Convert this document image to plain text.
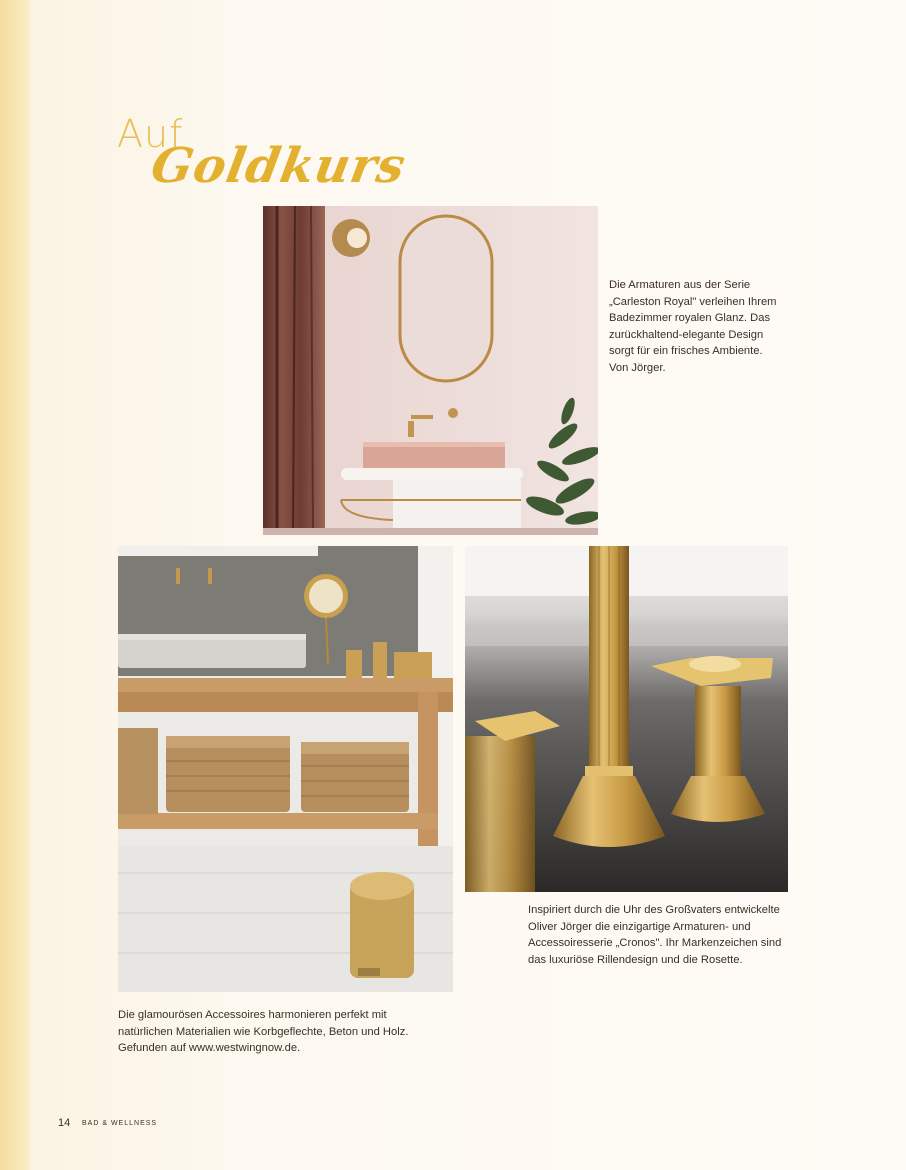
Auf
Goldkurs

Die Armaturen aus der Serie

„Carleston Royal" verleihen Ihrem

Badezimmer royalen Glanz. Das

zurückhaltend-elegante Design

sorgt für ein frisches Ambiente.

Von Jörger.

Die glamourösen Accessoires harmonieren perfekt mit

natürlichen Materialien wie Korbgeflechte, Beton und Holz.

Gefunden auf www.westwingnow.de.

Inspiriert durch die Uhr des Großvaters entwickelte

Oliver Jörger die einzigartige Armaturen- und

Accessoiresserie „Cronos". Ihr Markenzeichen sind

das luxuriöse Rillendesign und die Rosette.

14 BAD & WELLNESS
